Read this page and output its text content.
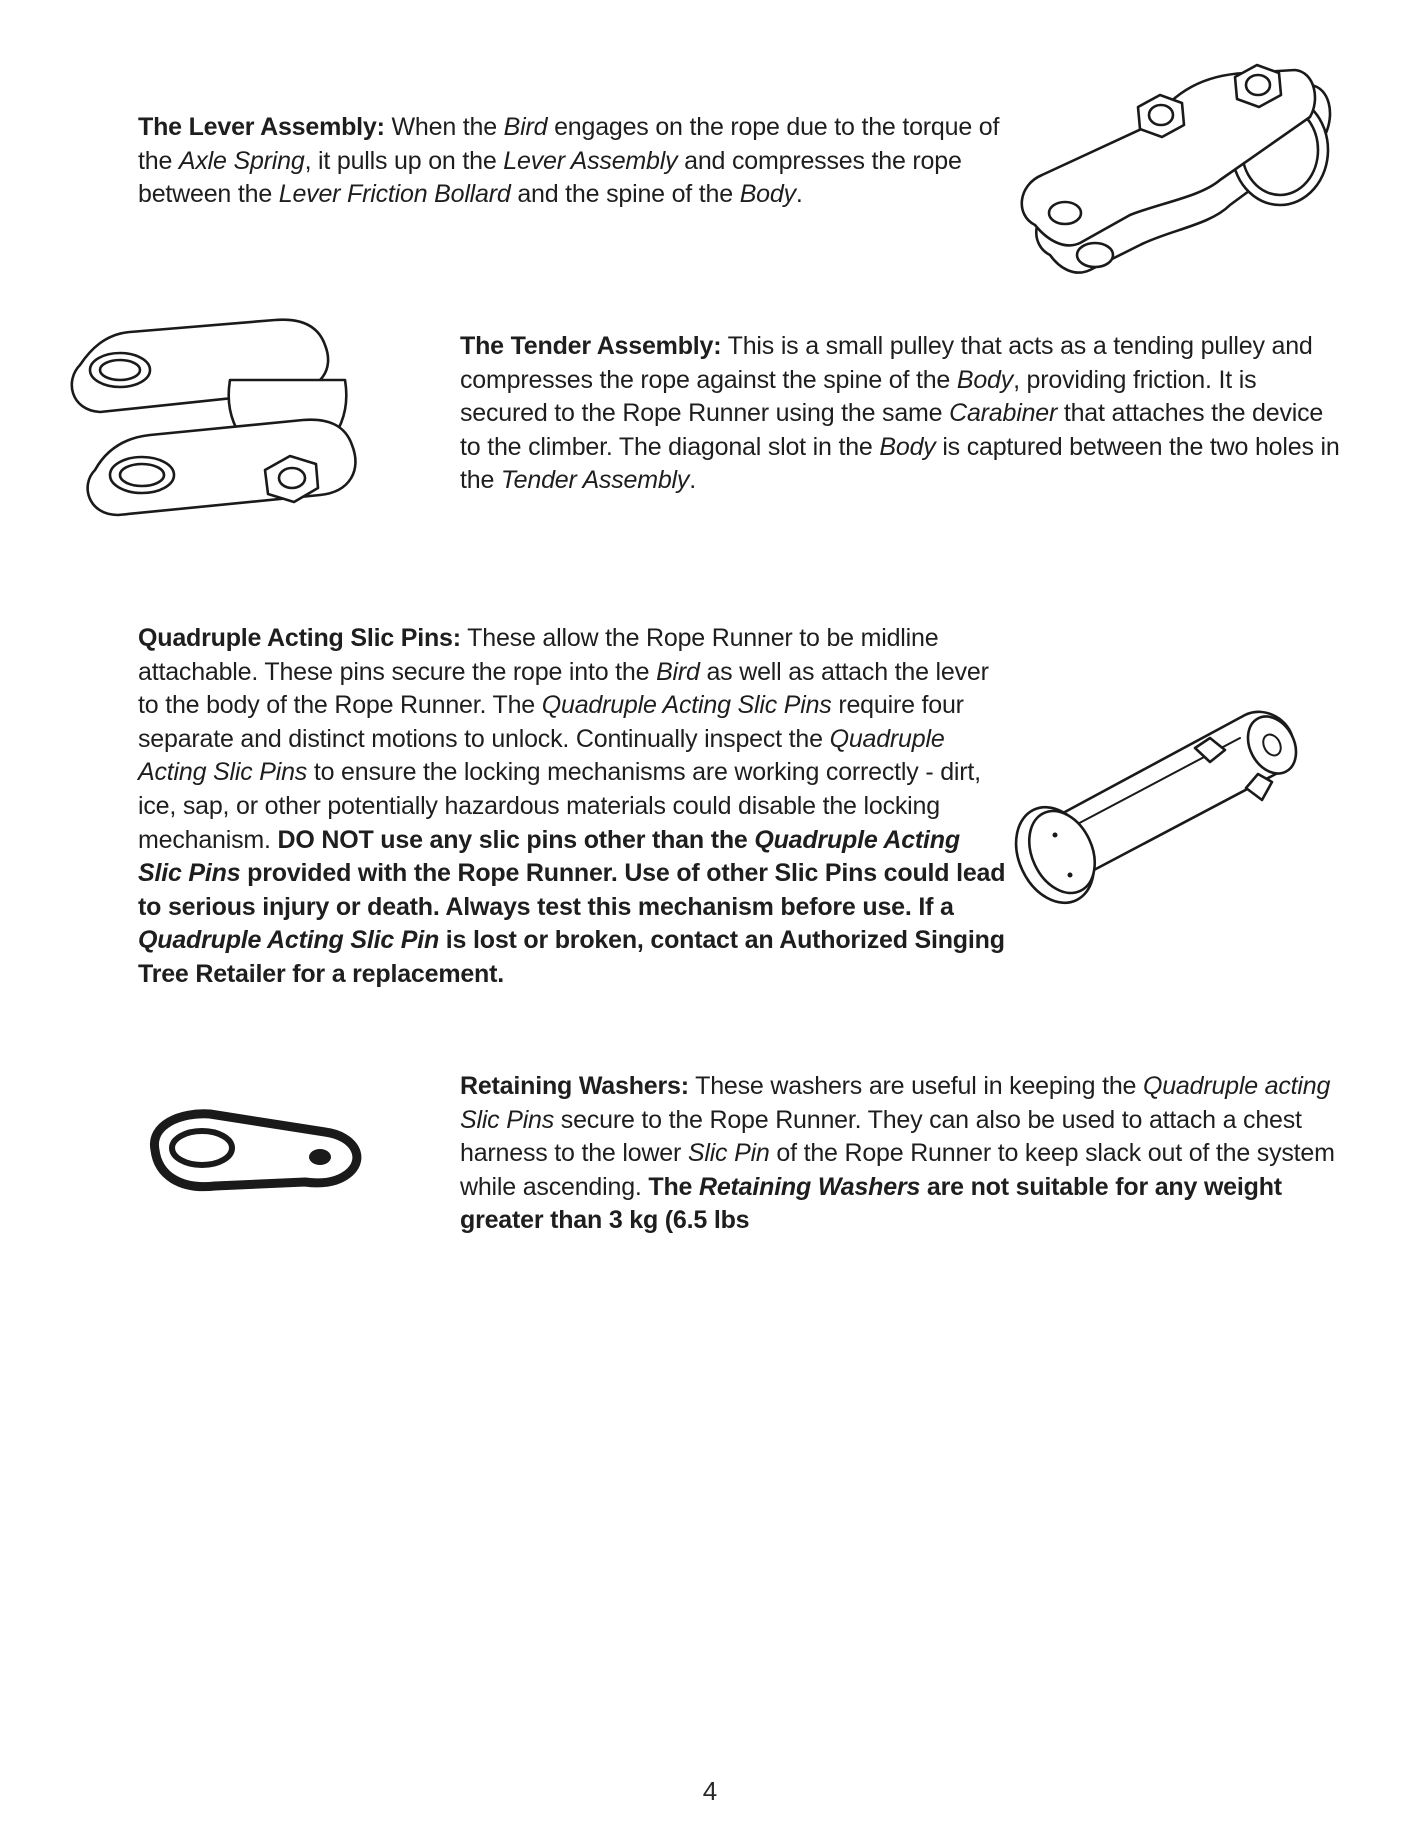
The Lever Assembly: When the Bird engages on the rope due to the torque of the Axle Spring, it pulls up on the Lever Assembly and compresses the rope between the Lever Friction Bollard and the spine of the Body.

The Tender Assembly: This is a small pulley that acts as a tending pulley and compresses the rope against the spine of the Body, providing friction. It is secured to the Rope Runner using the same Carabiner that attaches the device to the climber. The diagonal slot in the Body is captured between the two holes in the Tender Assembly.

Quadruple Acting Slic Pins: These allow the Rope Runner to be midline attachable. These pins secure the rope into the Bird as well as attach the lever to the body of the Rope Runner. The Quadruple Acting Slic Pins require four separate and distinct motions to unlock. Continually inspect the Quadruple Acting Slic Pins to ensure the locking mechanisms are working correctly - dirt, ice, sap, or other potentially hazardous materials could disable the locking mechanism. DO NOT use any slic pins other than the Quadruple Acting Slic Pins provided with the Rope Runner. Use of other Slic Pins could lead to serious injury or death. Always test this mechanism before use. If a Quadruple Acting Slic Pin is lost or broken, contact an Authorized Singing Tree Retailer for a replacement.

Retaining Washers: These washers are useful in keeping the Quadruple acting Slic Pins secure to the Rope Runner. They can also be used to attach a chest harness to the lower Slic Pin of the Rope Runner to keep slack out of the system while ascending. The Retaining Washers are not suitable for any weight greater than 3 kg (6.5 lbs

4
